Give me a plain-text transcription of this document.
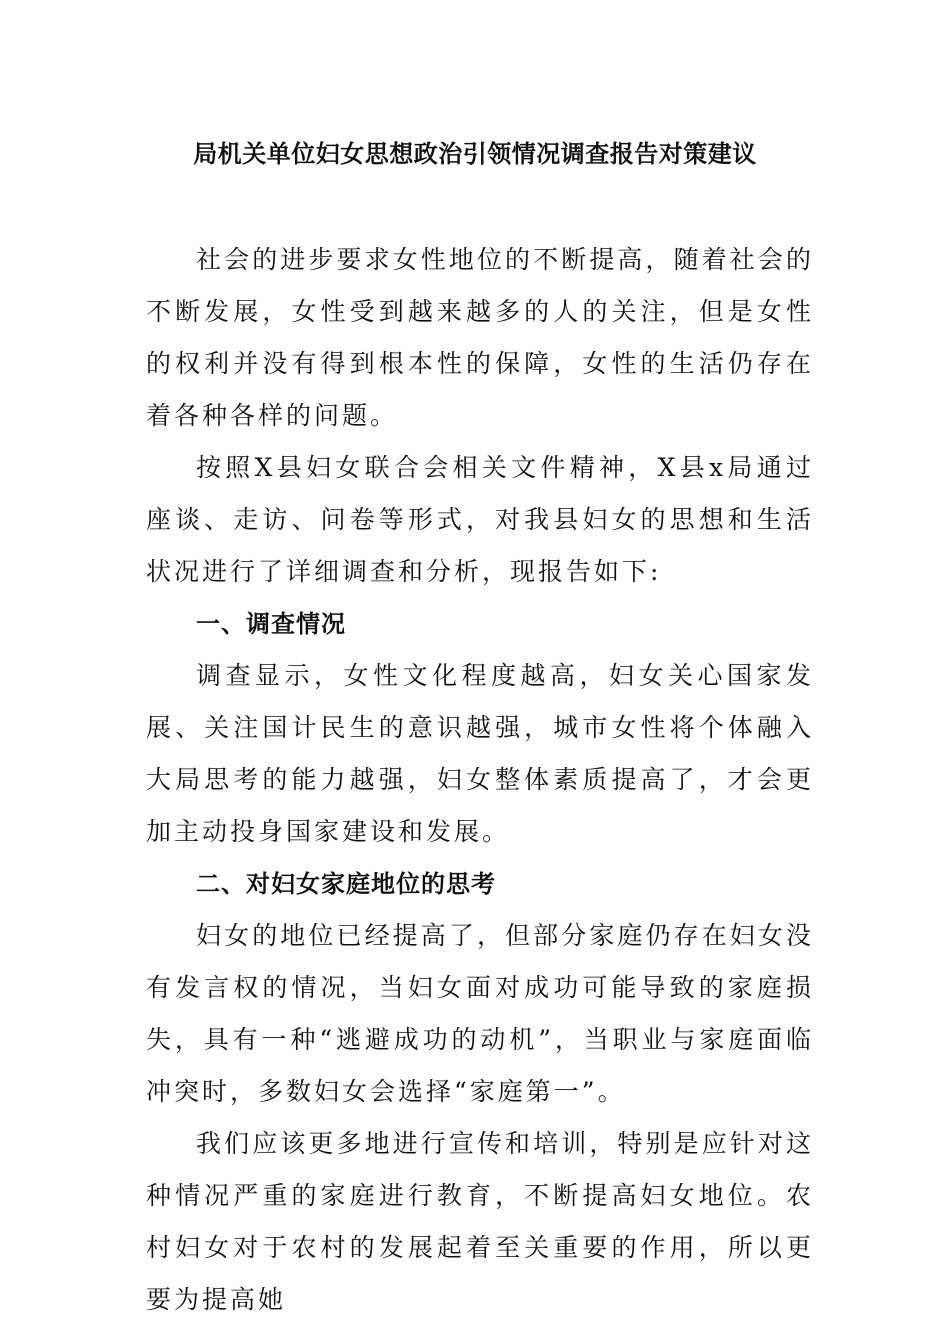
局机关单位妇女思想政治引领情况调查报告对策建议

社会的进步要求女性地位的不断提高，随着社会的不断发展，女性受到越来越多的人的关注，但是女性的权利并没有得到根本性的保障，女性的生活仍存在着各种各样的问题。

按照X县妇女联合会相关文件精神，X县x局通过座谈、走访、问卷等形式，对我县妇女的思想和生活状况进行了详细调查和分析，现报告如下:

一、调查情况

调查显示，女性文化程度越高，妇女关心国家发展、关注国计民生的意识越强，城市女性将个体融入大局思考的能力越强，妇女整体素质提高了，才会更加主动投身国家建设和发展。

二、对妇女家庭地位的思考

妇女的地位已经提高了，但部分家庭仍存在妇女没有发言权的情况，当妇女面对成功可能导致的家庭损失，具有一种“逃避成功的动机”，当职业与家庭面临冲突时，多数妇女会选择“家庭第一”。

我们应该更多地进行宣传和培训，特别是应针对这种情况严重的家庭进行教育，不断提高妇女地位。农村妇女对于农村的发展起着至关重要的作用，所以更要为提高她
